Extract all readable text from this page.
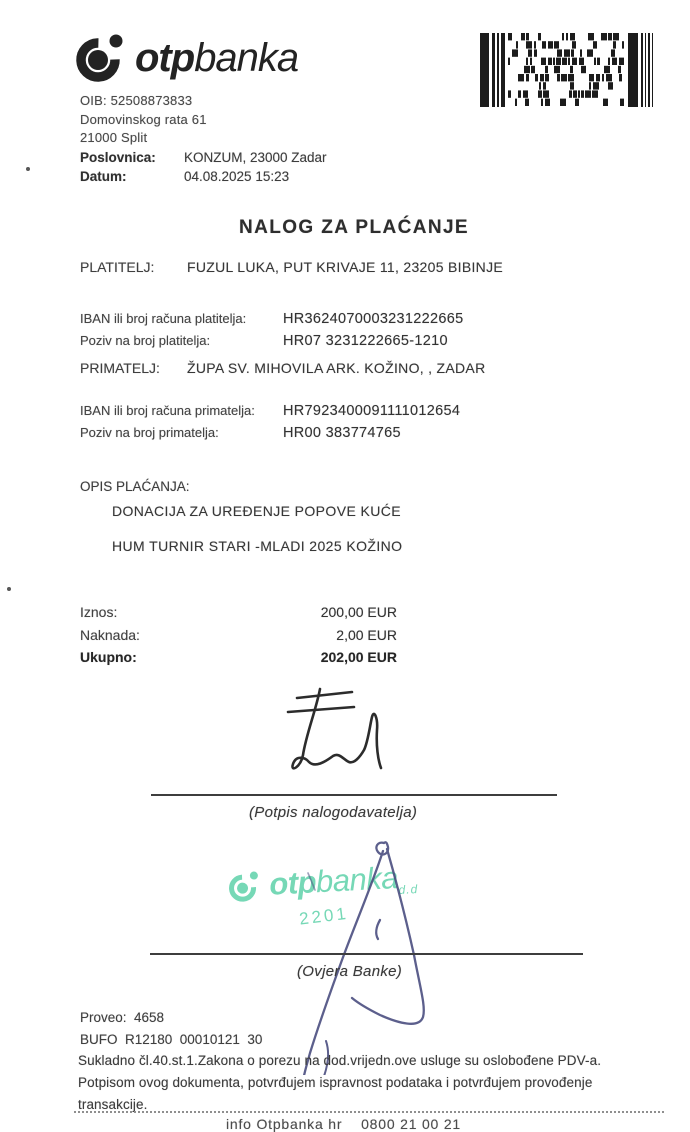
otpbanka
OIB: 52508873833
Domovinskog rata 61
21000 Split
Poslovnica:	KONZUM, 23000 Zadar
Datum:	04.08.2025 15:23
NALOG ZA PLAĆANJE
PLATITELJ:	FUZUL LUKA, PUT KRIVAJE 11, 23205 BIBINJE
IBAN ili broj računa platitelja:	HR3624070003231222665
Poziv na broj platitelja:	HR07 3231222665-1210
PRIMATELJ:	ŽUPA SV. MIHOVILA ARK. KOŽINO, , ZADAR
IBAN ili broj računa primatelja:	HR7923400091111012654
Poziv na broj primatelja:	HR00 383774765
OPIS PLAĆANJA:
DONACIJA ZA UREĐENJE POPOVE KUĆE
HUM TURNIR STARI -MLADI 2025 KOŽINO
Iznos:	200,00 EUR
Naknada:	2,00 EUR
Ukupno:	202,00 EUR
(Potpis nalogodavatelja)
otpbankad.d
2201
(Ovjera Banke)
Proveo:  4658
BUFO  R12180  00010121  30
Sukladno čl.40.st.1.Zakona o porezu na dod.vrijedn.ove usluge su oslobođene PDV-a.
Potpisom ovog dokumenta, potvrđujem ispravnost podataka i potvrđujem provođenje
transakcije.
info Otpbanka hr    0800 21 00 21
